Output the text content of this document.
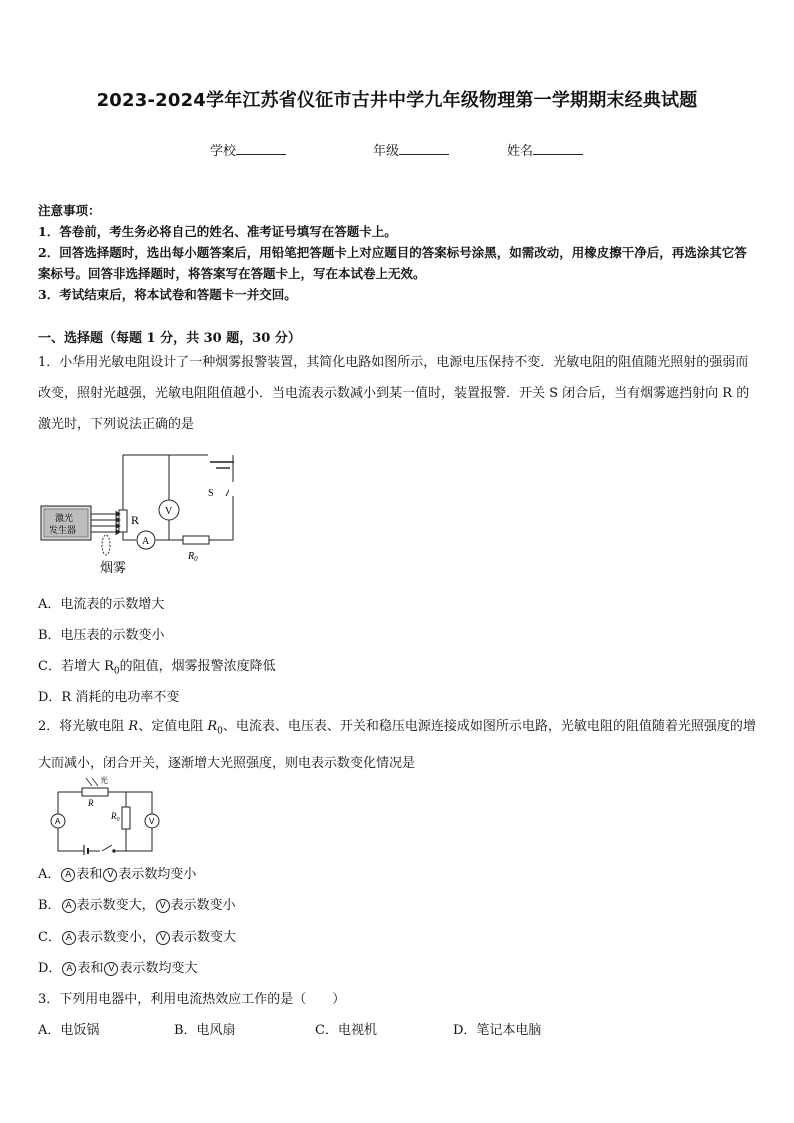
2023-2024学年江苏省仪征市古井中学九年级物理第一学期期末经典试题
学校	年级	姓名
注意事项：
1．答卷前，考生务必将自己的姓名、准考证号填写在答题卡上。
2．回答选择题时，选出每小题答案后，用铅笔把答题卡上对应题目的答案标号涂黑，如需改动，用橡皮擦干净后，再选涂其它答案标号。回答非选择题时，将答案写在答题卡上，写在本试卷上无效。
3．考试结束后，将本试卷和答题卡一并交回。
一、选择题（每题 1 分，共 30 题，30 分）
1．小华用光敏电阻设计了一种烟雾报警装置，其简化电路如图所示，电源电压保持不变．光敏电阻的阻值随光照射的强弱而改变，照射光越强，光敏电阻阻值越小．当电流表示数减小到某一值时，装置报警．开关 S 闭合后，当有烟雾遮挡射向 R 的激光时，下列说法正确的是
S
V
A
$R_0$
R
激光
发生器
烟雾
A．电流表的示数增大
B．电压表的示数变小
C．若增大 $R_0$的阻值，烟雾报警浓度降低
D．R 消耗的电功率不变
2．将光敏电阻 R、定值电阻 $R_0$、电流表、电压表、开关和稳压电源连接成如图所示电路，光敏电阻的阻值随着光照强度的增大而减小，闭合开关，逐渐增大光照强度，则电表示数变化情况是
光
R
$R_0$
A	V
A． A 表和 V 表示数均变小
B． A 表示数变大， V 表示数变小
C． A 表示数变小， V 表示数变大
D． A 表和 V 表示数均变大
3．下列用电器中，利用电流热效应工作的是（　　）
A．电饭锅	B．电风扇	C．电视机	D．笔记本电脑
